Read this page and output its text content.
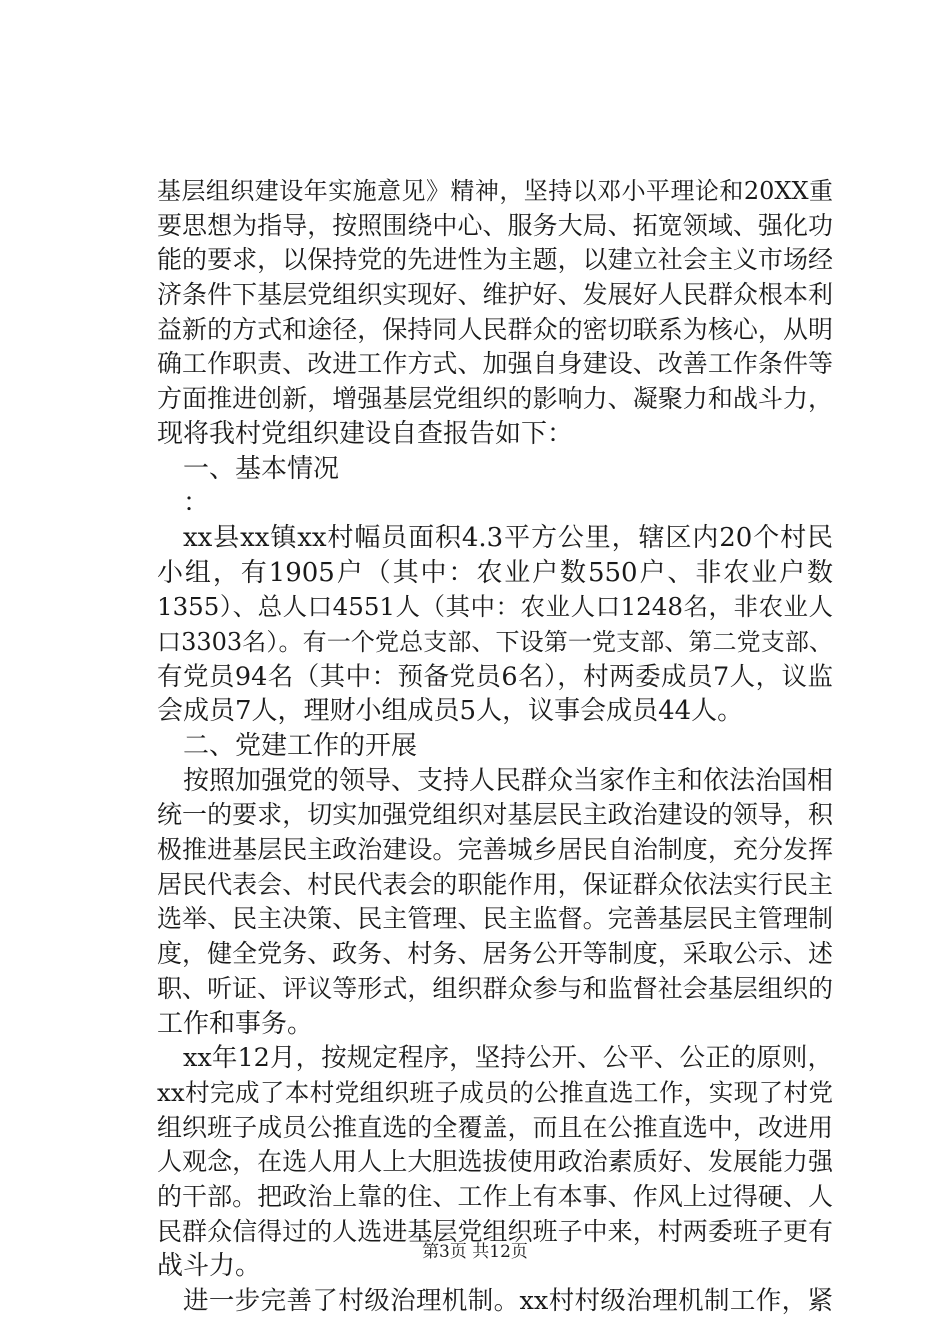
基层组织建设年实施意见》精神，坚持以邓小平理论和20XX重
要思想为指导，按照围绕中心、服务大局、拓宽领域、强化功
能的要求，以保持党的先进性为主题，以建立社会主义市场经
济条件下基层党组织实现好、维护好、发展好人民群众根本利
益新的方式和途径，保持同人民群众的密切联系为核心，从明
确工作职责、改进工作方式、加强自身建设、改善工作条件等
方面推进创新，增强基层党组织的影响力、凝聚力和战斗力，
现将我村党组织建设自查报告如下：
一、基本情况
：
xx县xx镇xx村幅员面积4.3平方公里，辖区内20个村民
小组，有1905户（其中：农业户数550户、非农业户数
1355）、总人口4551人（其中：农业人口1248名，非农业人
口3303名）。有一个党总支部、下设第一党支部、第二党支部、
有党员94名（其中：预备党员6名），村两委成员7人，议监
会成员7人，理财小组成员5人，议事会成员44人。
二、党建工作的开展
按照加强党的领导、支持人民群众当家作主和依法治国相
统一的要求，切实加强党组织对基层民主政治建设的领导，积
极推进基层民主政治建设。完善城乡居民自治制度，充分发挥
居民代表会、村民代表会的职能作用，保证群众依法实行民主
选举、民主决策、民主管理、民主监督。完善基层民主管理制
度，健全党务、政务、村务、居务公开等制度，采取公示、述
职、听证、评议等形式，组织群众参与和监督社会基层组织的
工作和事务。
xx年12月，按规定程序，坚持公开、公平、公正的原则，
xx村完成了本村党组织班子成员的公推直选工作，实现了村党
组织班子成员公推直选的全覆盖，而且在公推直选中，改进用
人观念，在选人用人上大胆选拔使用政治素质好、发展能力强
的干部。把政治上靠的住、工作上有本事、作风上过得硬、人
民群众信得过的人选进基层党组织班子中来，村两委班子更有
战斗力。
进一步完善了村级治理机制。xx村村级治理机制工作，紧
第3页 共12页
